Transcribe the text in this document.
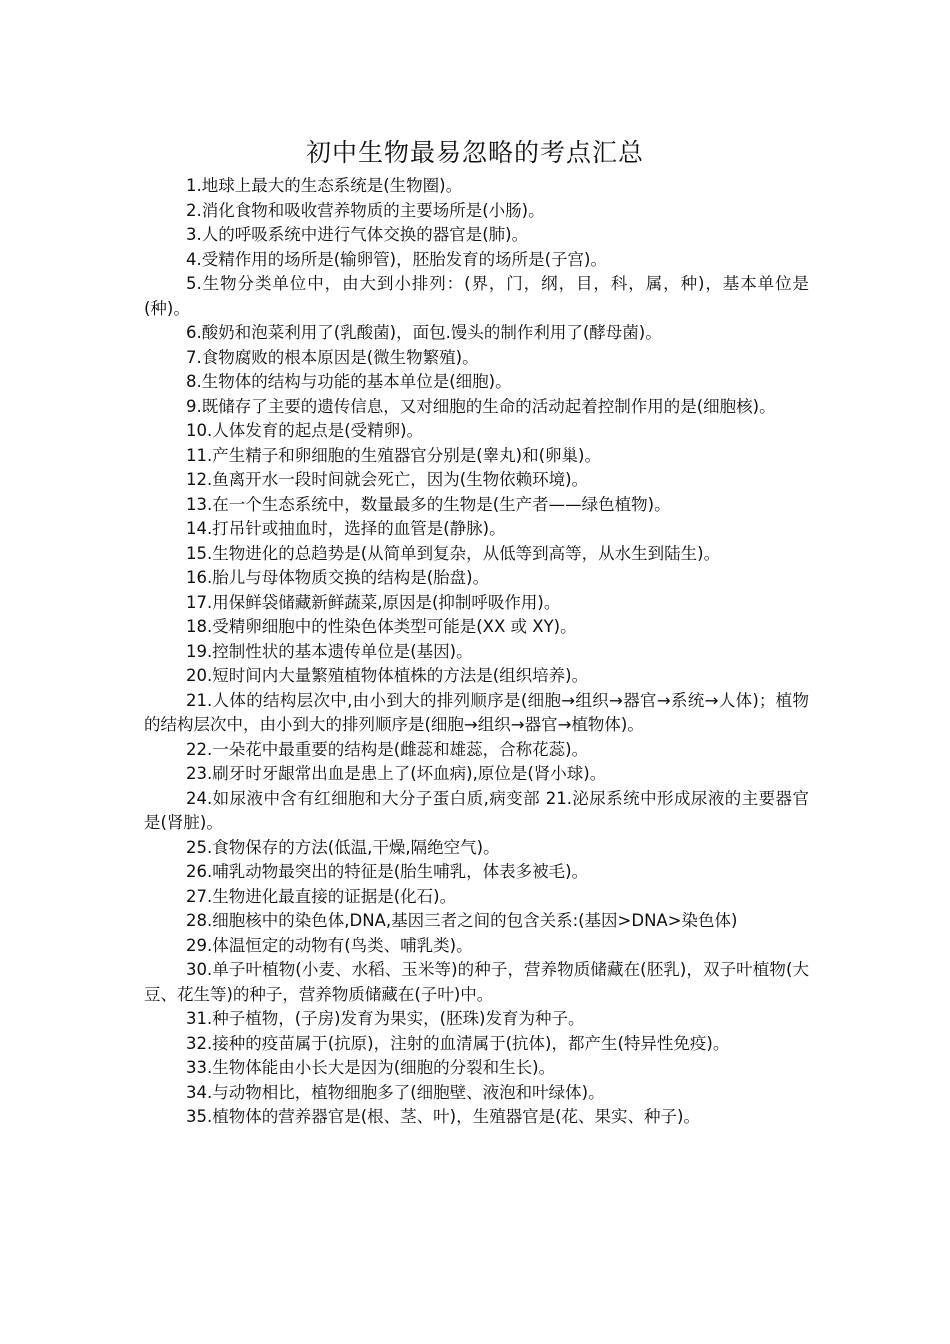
初中生物最易忽略的考点汇总

1.地球上最大的生态系统是(生物圈)。

2.消化食物和吸收营养物质的主要场所是(小肠)。

3.人的呼吸系统中进行气体交换的器官是(肺)。

4.受精作用的场所是(输卵管)，胚胎发育的场所是(子宫)。

5.生物分类单位中，由大到小排列：(界，门，纲，目，科，属，种)，基本单位是(种)。

6.酸奶和泡菜利用了(乳酸菌)，面包.馒头的制作利用了(酵母菌)。

7.食物腐败的根本原因是(微生物繁殖)。

8.生物体的结构与功能的基本单位是(细胞)。

9.既储存了主要的遗传信息，又对细胞的生命的活动起着控制作用的是(细胞核)。

10.人体发育的起点是(受精卵)。

11.产生精子和卵细胞的生殖器官分别是(睾丸)和(卵巢)。

12.鱼离开水一段时间就会死亡，因为(生物依赖环境)。

13.在一个生态系统中，数量最多的生物是(生产者——绿色植物)。

14.打吊针或抽血时，选择的血管是(静脉)。

15.生物进化的总趋势是(从简单到复杂，从低等到高等，从水生到陆生)。

16.胎儿与母体物质交换的结构是(胎盘)。

17.用保鲜袋储藏新鲜蔬菜,原因是(抑制呼吸作用)。

18.受精卵细胞中的性染色体类型可能是(XX 或 XY)。

19.控制性状的基本遗传单位是(基因)。

20.短时间内大量繁殖植物体植株的方法是(组织培养)。

21.人体的结构层次中,由小到大的排列顺序是(细胞→组织→器官→系统→人体)；植物的结构层次中，由小到大的排列顺序是(细胞→组织→器官→植物体)。

22.一朵花中最重要的结构是(雌蕊和雄蕊，合称花蕊)。

23.刷牙时牙龈常出血是患上了(坏血病),原位是(肾小球)。

24.如尿液中含有红细胞和大分子蛋白质,病变部 21.泌尿系统中形成尿液的主要器官是(肾脏)。

25.食物保存的方法(低温,干燥,隔绝空气)。

26.哺乳动物最突出的特征是(胎生哺乳，体表多被毛)。

27.生物进化最直接的证据是(化石)。

28.细胞核中的染色体,DNA,基因三者之间的包含关系:(基因>DNA>染色体)

29.体温恒定的动物有(鸟类、哺乳类)。

30.单子叶植物(小麦、水稻、玉米等)的种子，营养物质储藏在(胚乳)，双子叶植物(大豆、花生等)的种子，营养物质储藏在(子叶)中。

31.种子植物，(子房)发育为果实，(胚珠)发育为种子。

32.接种的疫苗属于(抗原)，注射的血清属于(抗体)，都产生(特异性免疫)。

33.生物体能由小长大是因为(细胞的分裂和生长)。

34.与动物相比，植物细胞多了(细胞壁、液泡和叶绿体)。

35.植物体的营养器官是(根、茎、叶)，生殖器官是(花、果实、种子)。
